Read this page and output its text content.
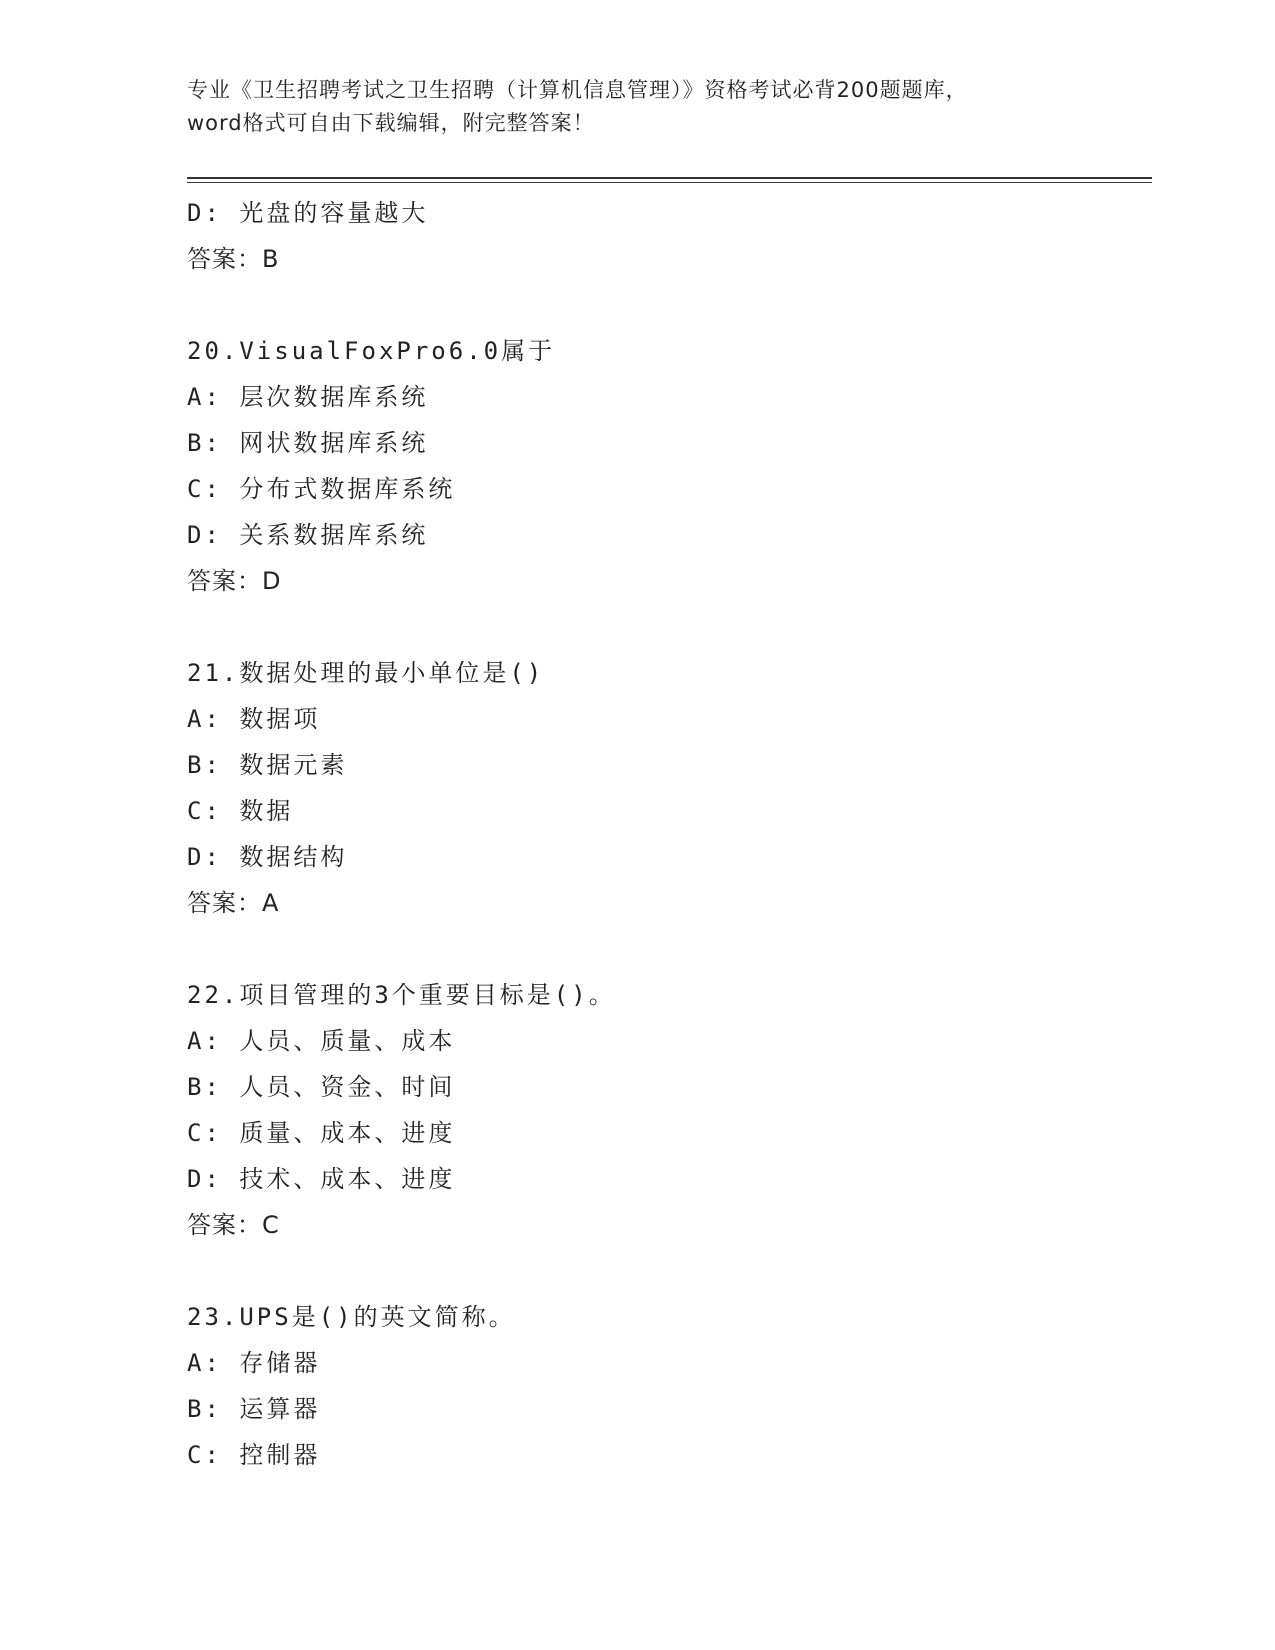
专业《卫生招聘考试之卫生招聘（计算机信息管理）》资格考试必背200题题库，
word格式可自由下载编辑，附完整答案！
D: 光盘的容量越大
答案：B
20.VisualFoxPro6.0属于
A: 层次数据库系统
B: 网状数据库系统
C: 分布式数据库系统
D: 关系数据库系统
答案：D
21.数据处理的最小单位是()
A: 数据项
B: 数据元素
C: 数据
D: 数据结构
答案：A
22.项目管理的3个重要目标是()。
A: 人员、质量、成本
B: 人员、资金、时间
C: 质量、成本、进度
D: 技术、成本、进度
答案：C
23.UPS是()的英文简称。
A: 存储器
B: 运算器
C: 控制器
